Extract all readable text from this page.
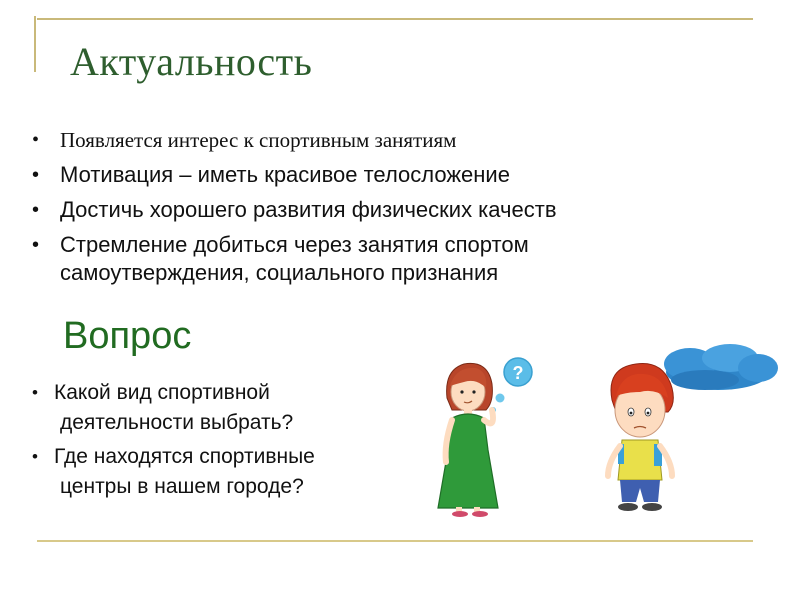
Актуальность
• Появляется интерес к спортивным занятиям
• Мотивация – иметь красивое телосложение
• Достичь хорошего развития физических качеств
• Стремление добиться через занятия спортом самоутверждения, социального признания
Вопрос
• Какой вид спортивной
деятельности выбрать?
• Где находятся спортивные
центры в нашем городе?
?
